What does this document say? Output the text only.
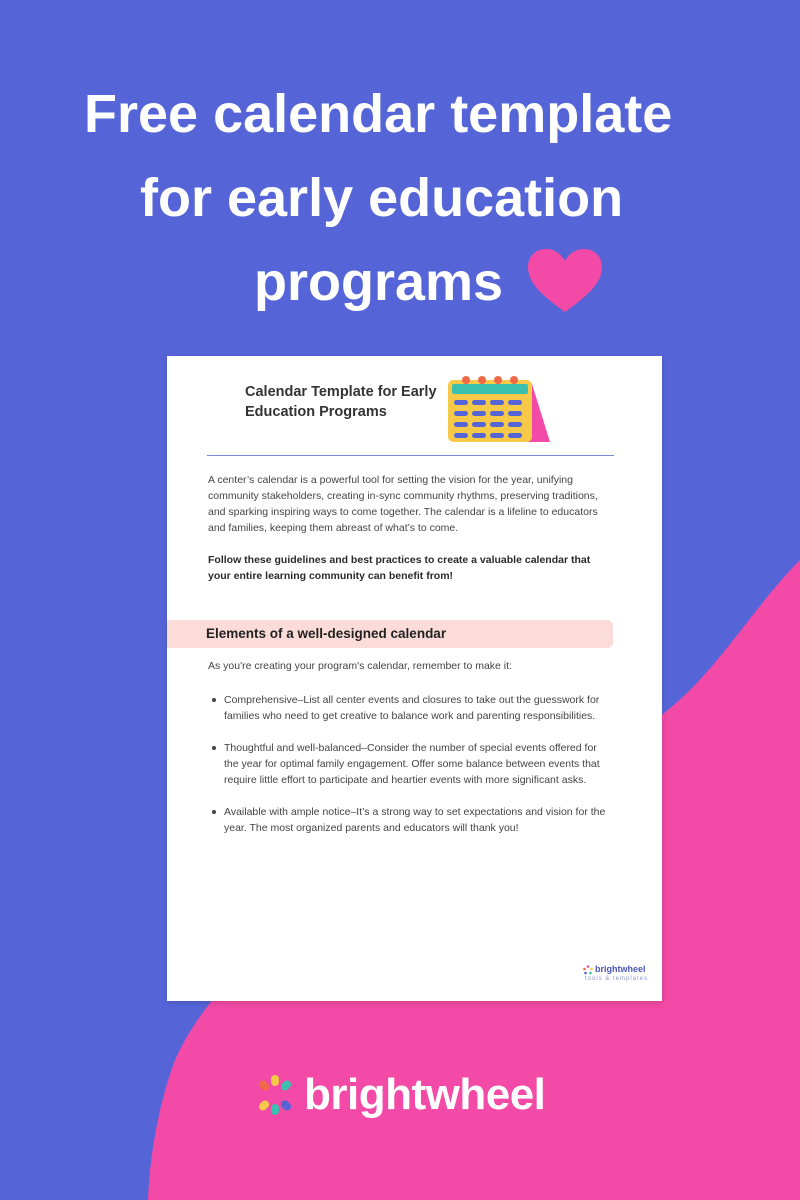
Free calendar template
for early education
programs
Calendar Template for Early Education Programs
A center’s calendar is a powerful tool for setting the vision for the year, unifying community stakeholders, creating in-sync community rhythms, preserving traditions, and sparking inspiring ways to come together. The calendar is a lifeline to educators and families, keeping them abreast of what’s to come.
Follow these guidelines and best practices to create a valuable calendar that your entire learning community can benefit from!
Elements of a well-designed calendar
As you're creating your program's calendar, remember to make it:
Comprehensive–List all center events and closures to take out the guesswork for families who need to get creative to balance work and parenting responsibilities.
Thoughtful and well-balanced–Consider the number of special events offered for the year for optimal family engagement. Offer some balance between events that require little effort to participate and heartier events with more significant asks.
Available with ample notice–It’s a strong way to set expectations and vision for the year. The most organized parents and educators will thank you!
brightwheel
tools & templates
brightwheel
